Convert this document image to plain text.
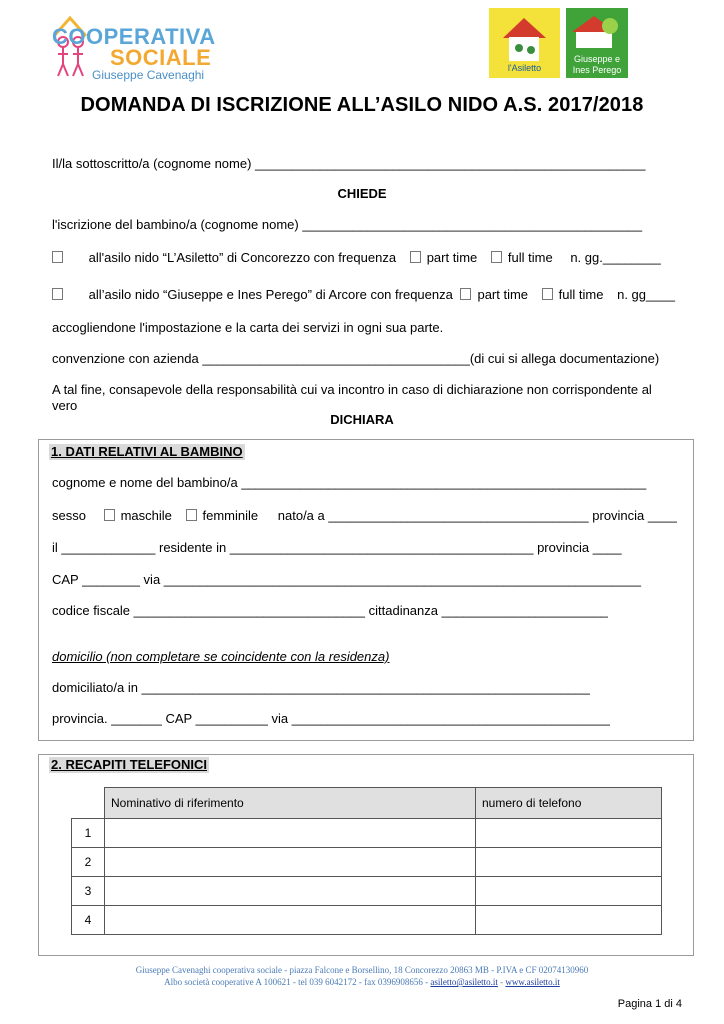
COOPERATIVA
SOCIALE
Giuseppe Cavenaghi	l'Asiletto
Giuseppe e
Ines Perego
DOMANDA DI ISCRIZIONE ALL’ASILO NIDO A.S. 2017/2018
Il/la sottoscritto/a (cognome nome) ______________________________________________________
CHIEDE
l'iscrizione del bambino/a (cognome nome) _______________________________________________
all'asilo nido “L’Asiletto” di Concorezzo con frequenza part time full time n. gg.________
all’asilo nido “Giuseppe e Ines Perego” di Arcore con frequenza part time full time n. gg____
accogliendone l'impostazione e la carta dei servizi in ogni sua parte.
convenzione con azienda _____________________________________(di cui si allega documentazione)
A tal fine, consapevole della responsabilità cui va incontro in caso di dichiarazione non corrispondente al
vero
DICHIARA
1. DATI RELATIVI AL BAMBINO
cognome e nome del bambino/a ________________________________________________________
sesso	maschile femminile nato/a a ____________________________________ provincia ____
il _____________ residente in __________________________________________ provincia ____
CAP ________ via __________________________________________________________________
codice fiscale ________________________________ cittadinanza _______________________
domicilio (non completare se coincidente con la residenza)
domiciliato/a in ______________________________________________________________
provincia. _______ CAP __________ via ____________________________________________
2. RECAPITI TELEFONICI
	Nominativo di riferimento	numero di telefono
1		
2		
3		
4		
Giuseppe Cavenaghi cooperativa sociale - piazza Falcone e Borsellino, 18 Concorezzo 20863 MB - P.IVA e CF 02074130960
Albo società cooperative A 100621 - tel 039 6042172 - fax 0396908656 - asiletto@asiletto.it - www.asiletto.it
Pagina 1 di 4
